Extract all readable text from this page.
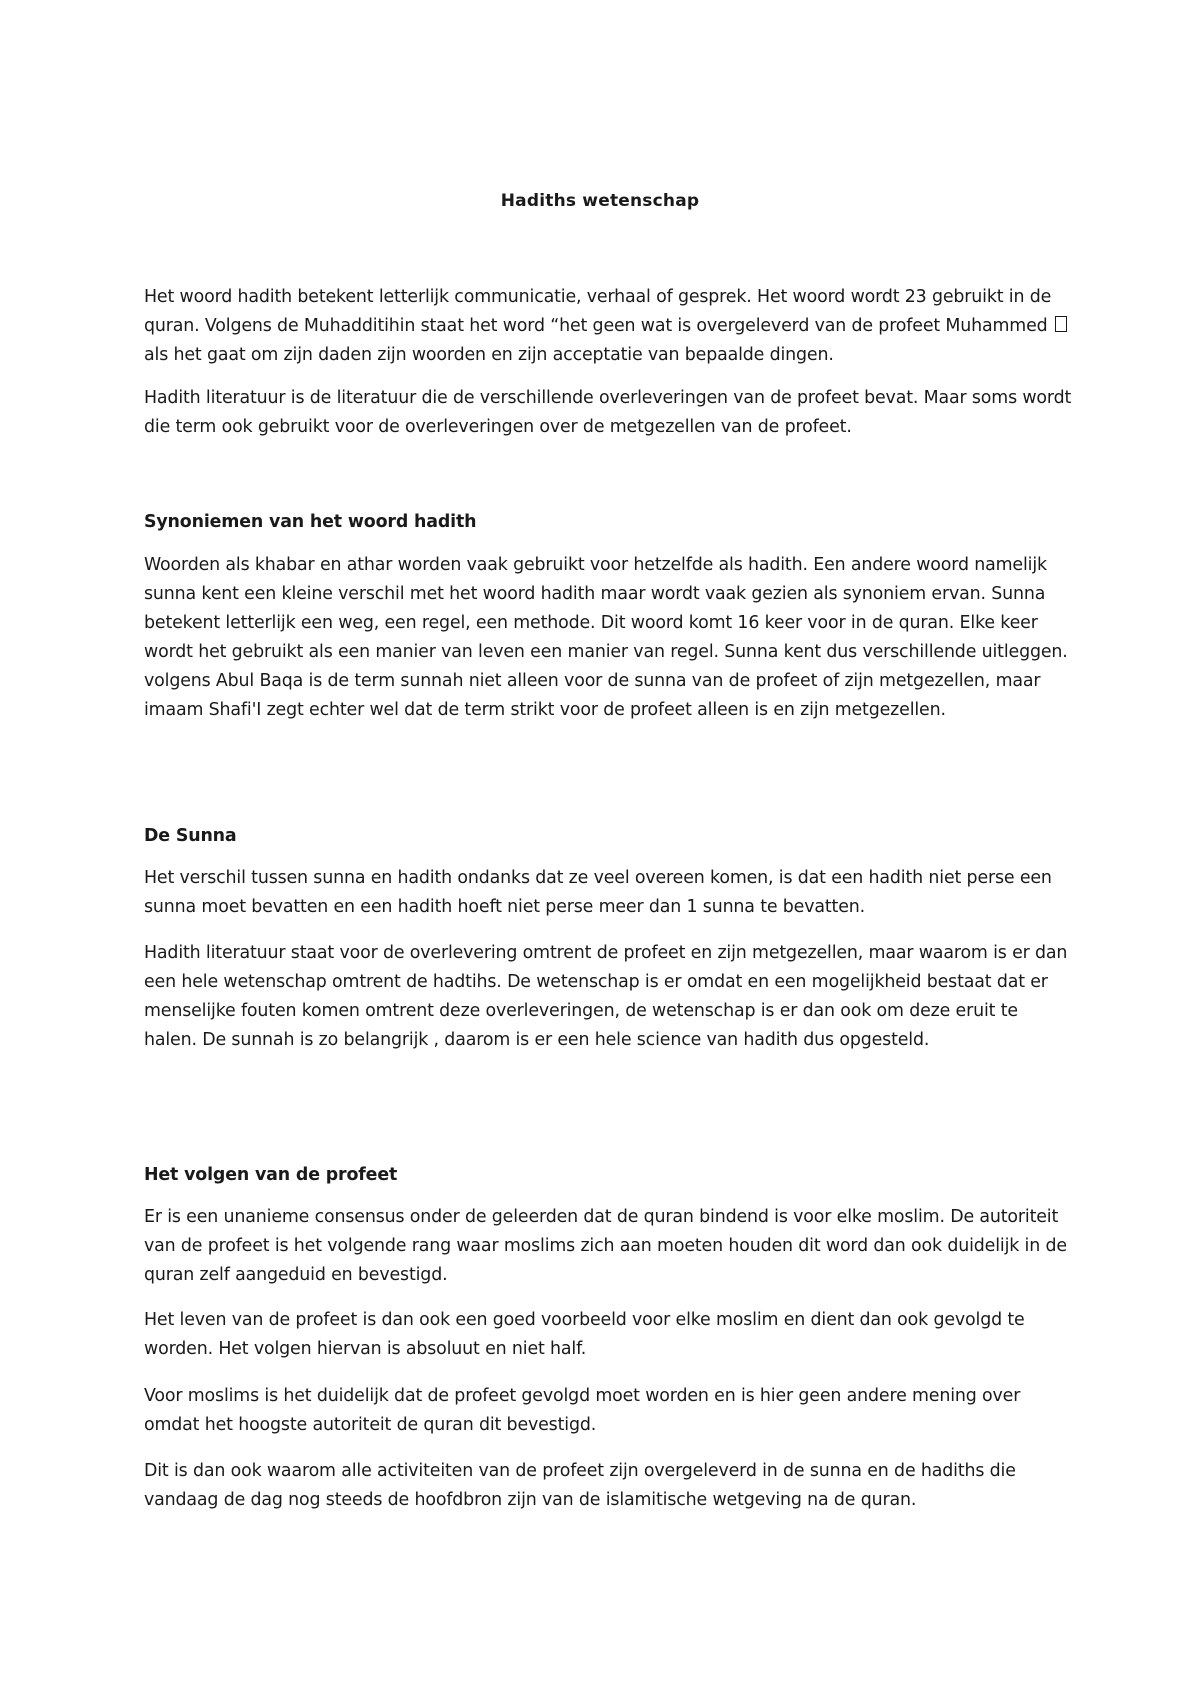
Hadiths wetenschap

Het woord hadith betekent letterlijk communicatie, verhaal of gesprek. Het woord wordt 23 gebruikt in de quran. Volgens de Muhadditihin staat het word “het geen wat is overgeleverd van de profeet Muhammed  als het gaat om zijn daden zijn woorden en zijn acceptatie van bepaalde dingen.

Hadith literatuur is de literatuur die de verschillende overleveringen van de profeet bevat. Maar soms wordt die term ook gebruikt voor de overleveringen over de metgezellen van de profeet.

Synoniemen van het woord hadith

Woorden als khabar en athar worden vaak gebruikt voor hetzelfde als hadith. Een andere woord namelijk sunna kent een kleine verschil met het woord hadith maar wordt vaak gezien als synoniem ervan. Sunna betekent letterlijk een weg, een regel, een methode. Dit woord komt 16 keer voor in de quran. Elke keer wordt het gebruikt als een manier van leven een manier van regel. Sunna kent dus verschillende uitleggen. volgens Abul Baqa is de term sunnah niet alleen voor de sunna van de profeet of zijn metgezellen, maar imaam Shafi'I zegt echter wel dat de term strikt voor de profeet alleen is en zijn metgezellen.

De Sunna

Het verschil tussen sunna en hadith ondanks dat ze veel overeen komen, is dat een hadith niet perse een sunna moet bevatten en een hadith hoeft niet perse meer dan 1 sunna te bevatten.

Hadith literatuur staat voor de overlevering omtrent de profeet en zijn metgezellen, maar waarom is er dan een hele wetenschap omtrent de hadtihs. De wetenschap is er omdat en een mogelijkheid bestaat dat er menselijke fouten komen omtrent deze overleveringen, de wetenschap is er dan ook om deze eruit te halen. De sunnah is zo belangrijk , daarom is er een hele science van hadith dus opgesteld.

Het volgen van de profeet

Er is een unanieme consensus onder de geleerden dat de quran bindend is voor elke moslim. De autoriteit van de profeet is het volgende rang waar moslims zich aan moeten houden dit word dan ook duidelijk in de quran zelf aangeduid en bevestigd.

Het leven van de profeet is dan ook een goed voorbeeld voor elke moslim en dient dan ook gevolgd te worden. Het volgen hiervan is absoluut en niet half.

Voor moslims is het duidelijk dat de profeet gevolgd moet worden en is hier geen andere mening over omdat het hoogste autoriteit de quran dit bevestigd.

Dit is dan ook waarom alle activiteiten van de profeet zijn overgeleverd in de sunna en de hadiths die vandaag de dag nog steeds de hoofdbron zijn van de islamitische wetgeving na de quran.
